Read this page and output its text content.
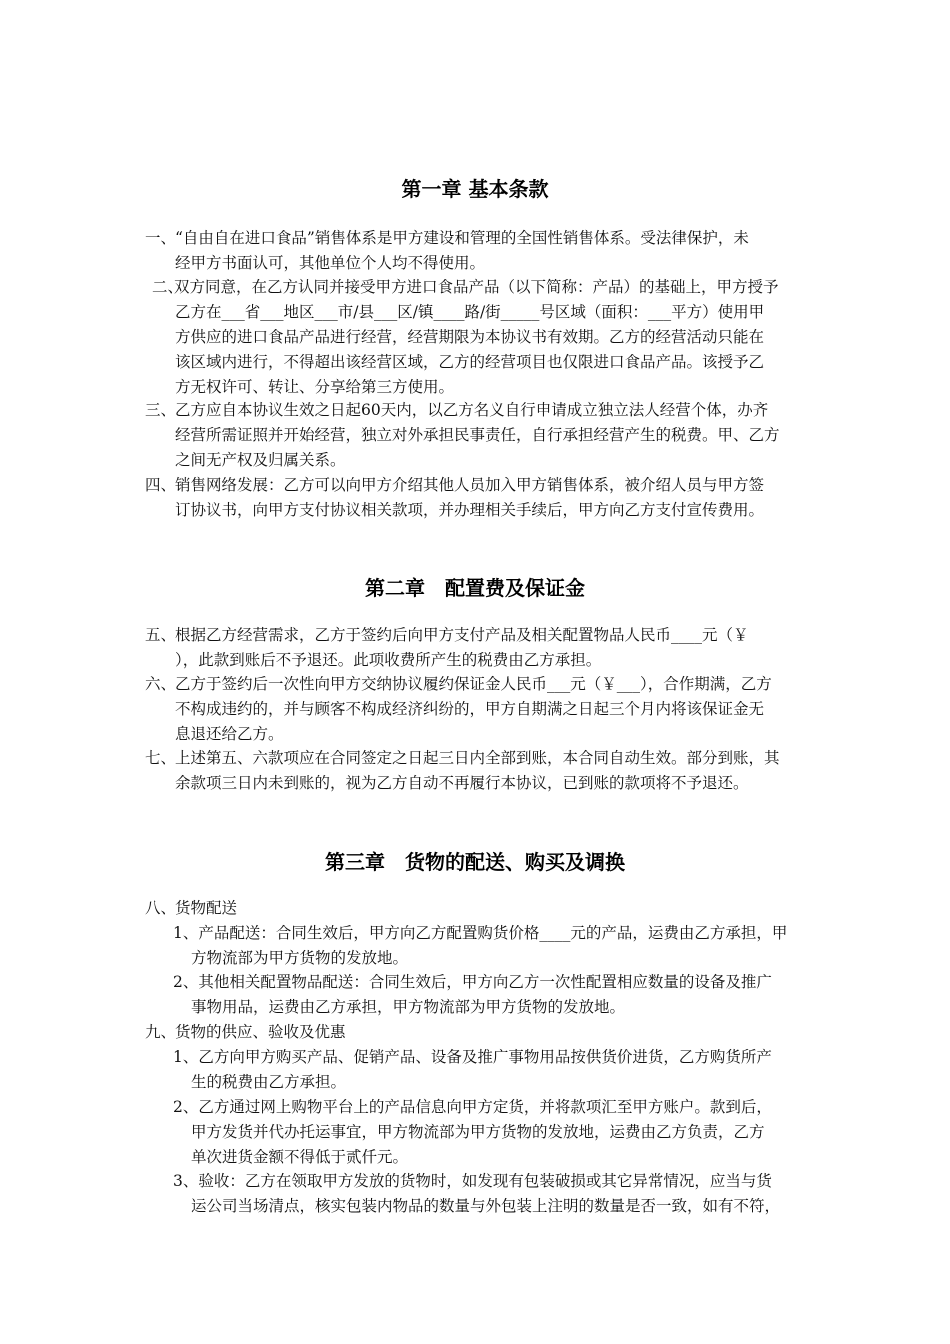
第一章 基本条款
一、
“自由自在进口食品”销售体系是甲方建设和管理的全国性销售体系。受法律保护，未
经甲方书面认可，其他单位个人均不得使用。
二、
双方同意，在乙方认同并接受甲方进口食品产品（以下简称：产品）的基础上，甲方授予
乙方在___省___地区___市/县___区/镇____路/街_____号区域（面积：___平方）使用甲
方供应的进口食品产品进行经营，经营期限为本协议书有效期。乙方的经营活动只能在
该区域内进行，不得超出该经营区域，乙方的经营项目也仅限进口食品产品。该授予乙
方无权许可、转让、分享给第三方使用。
三、
乙方应自本协议生效之日起60天内，以乙方名义自行申请成立独立法人经营个体，办齐
经营所需证照并开始经营，独立对外承担民事责任，自行承担经营产生的税费。甲、乙方
之间无产权及归属关系。
四、
销售网络发展：乙方可以向甲方介绍其他人员加入甲方销售体系，被介绍人员与甲方签
订协议书，向甲方支付协议相关款项，并办理相关手续后，甲方向乙方支付宣传费用。
第二章　配置费及保证金
五、
根据乙方经营需求，乙方于签约后向甲方支付产品及相关配置物品人民币____元（￥
），此款到账后不予退还。此项收费所产生的税费由乙方承担。
六、
乙方于签约后一次性向甲方交纳协议履约保证金人民币___元（￥___），合作期满，乙方
不构成违约的，并与顾客不构成经济纠纷的，甲方自期满之日起三个月内将该保证金无
息退还给乙方。
七、
上述第五、六款项应在合同签定之日起三日内全部到账，本合同自动生效。部分到账，其
余款项三日内未到账的，视为乙方自动不再履行本协议，已到账的款项将不予退还。
第三章　货物的配送、购买及调换
八、
货物配送
1、产品配送：合同生效后，甲方向乙方配置购货价格____元的产品，运费由乙方承担，甲
方物流部为甲方货物的发放地。
2、其他相关配置物品配送：合同生效后，甲方向乙方一次性配置相应数量的设备及推广
事物用品，运费由乙方承担，甲方物流部为甲方货物的发放地。
九、
货物的供应、验收及优惠
1、乙方向甲方购买产品、促销产品、设备及推广事物用品按供货价进货，乙方购货所产
生的税费由乙方承担。
2、乙方通过网上购物平台上的产品信息向甲方定货，并将款项汇至甲方账户。款到后，
甲方发货并代办托运事宜，甲方物流部为甲方货物的发放地，运费由乙方负责，乙方
单次进货金额不得低于贰仟元。
3、验收：乙方在领取甲方发放的货物时，如发现有包装破损或其它异常情况，应当与货
运公司当场清点，核实包装内物品的数量与外包装上注明的数量是否一致，如有不符，
